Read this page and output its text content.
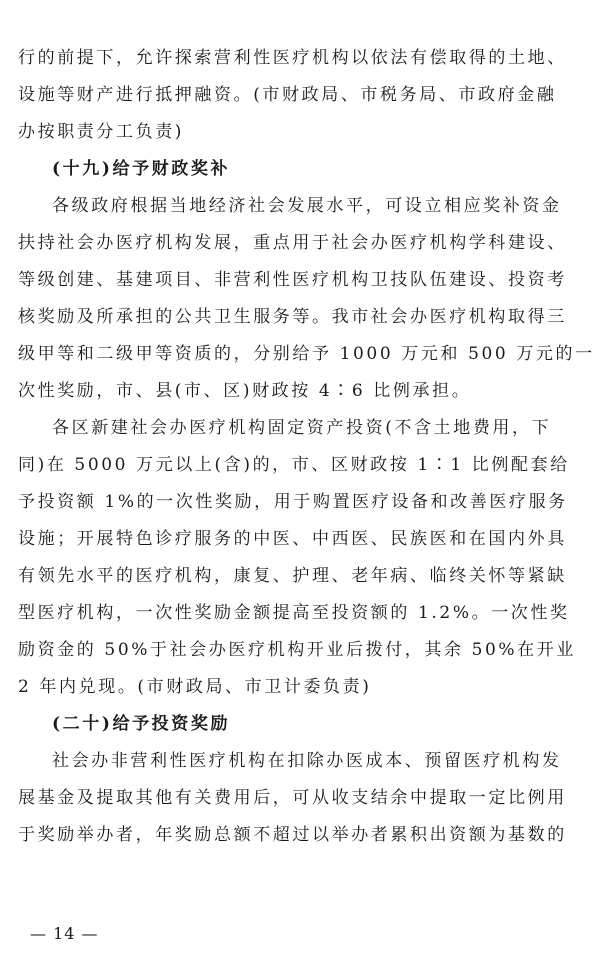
行的前提下，允许探索营利性医疗机构以依法有偿取得的土地、
设施等财产进行抵押融资。(市财政局、市税务局、市政府金融
办按职责分工负责)
(十九)给予财政奖补
各级政府根据当地经济社会发展水平，可设立相应奖补资金
扶持社会办医疗机构发展，重点用于社会办医疗机构学科建设、
等级创建、基建项目、非营利性医疗机构卫技队伍建设、投资考
核奖励及所承担的公共卫生服务等。我市社会办医疗机构取得三
级甲等和二级甲等资质的，分别给予 1000 万元和 500 万元的一
次性奖励，市、县(市、区)财政按 4∶6 比例承担。
各区新建社会办医疗机构固定资产投资(不含土地费用，下
同)在 5000 万元以上(含)的，市、区财政按 1∶1 比例配套给
予投资额 1%的一次性奖励，用于购置医疗设备和改善医疗服务
设施；开展特色诊疗服务的中医、中西医、民族医和在国内外具
有领先水平的医疗机构，康复、护理、老年病、临终关怀等紧缺
型医疗机构，一次性奖励金额提高至投资额的 1.2%。一次性奖
励资金的 50%于社会办医疗机构开业后拨付，其余 50%在开业
2 年内兑现。(市财政局、市卫计委负责)
(二十)给予投资奖励
社会办非营利性医疗机构在扣除办医成本、预留医疗机构发
展基金及提取其他有关费用后，可从收支结余中提取一定比例用
于奖励举办者，年奖励总额不超过以举办者累积出资额为基数的
— 14 —
